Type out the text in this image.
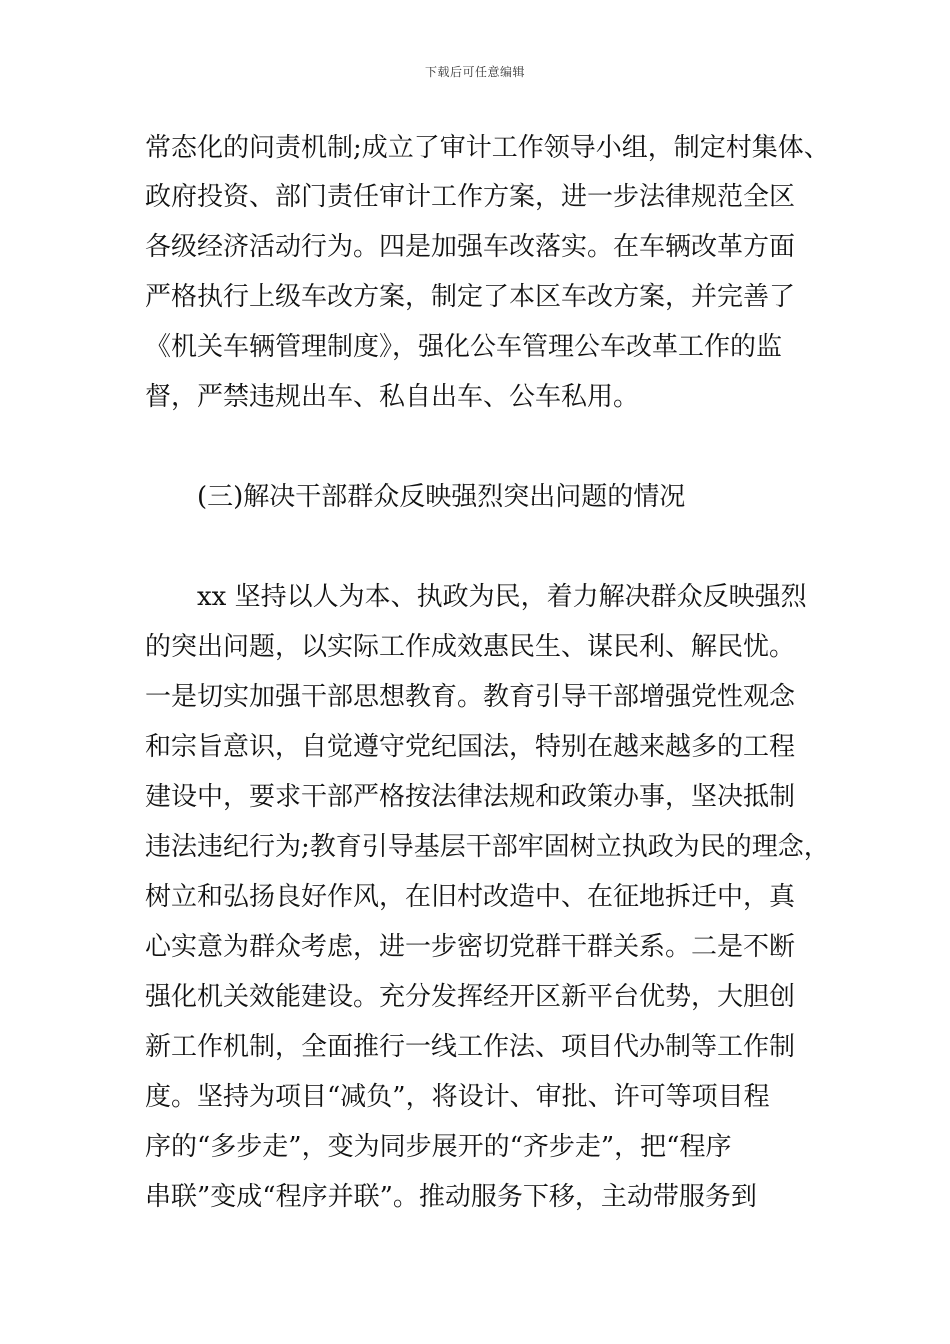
下载后可任意编辑
常态化的问责机制;成立了审计工作领导小组，制定村集体、
政府投资、部门责任审计工作方案，进一步法律规范全区
各级经济活动行为。四是加强车改落实。在车辆改革方面
严格执行上级车改方案，制定了本区车改方案，并完善了
《机关车辆管理制度》，强化公车管理公车改革工作的监
督，严禁违规出车、私自出车、公车私用。
(三)解决干部群众反映强烈突出问题的情况
xx 坚持以人为本、执政为民，着力解决群众反映强烈
的突出问题，以实际工作成效惠民生、谋民利、解民忧。
一是切实加强干部思想教育。教育引导干部增强党性观念
和宗旨意识，自觉遵守党纪国法，特别在越来越多的工程
建设中，要求干部严格按法律法规和政策办事，坚决抵制
违法违纪行为;教育引导基层干部牢固树立执政为民的理念，
树立和弘扬良好作风，在旧村改造中、在征地拆迁中，真
心实意为群众考虑，进一步密切党群干群关系。二是不断
强化机关效能建设。充分发挥经开区新平台优势，大胆创
新工作机制，全面推行一线工作法、项目代办制等工作制
度。坚持为项目“减负”，将设计、审批、许可等项目程
序的“多步走”，变为同步展开的“齐步走”，把“程序
串联”变成“程序并联”。推动服务下移，主动带服务到
